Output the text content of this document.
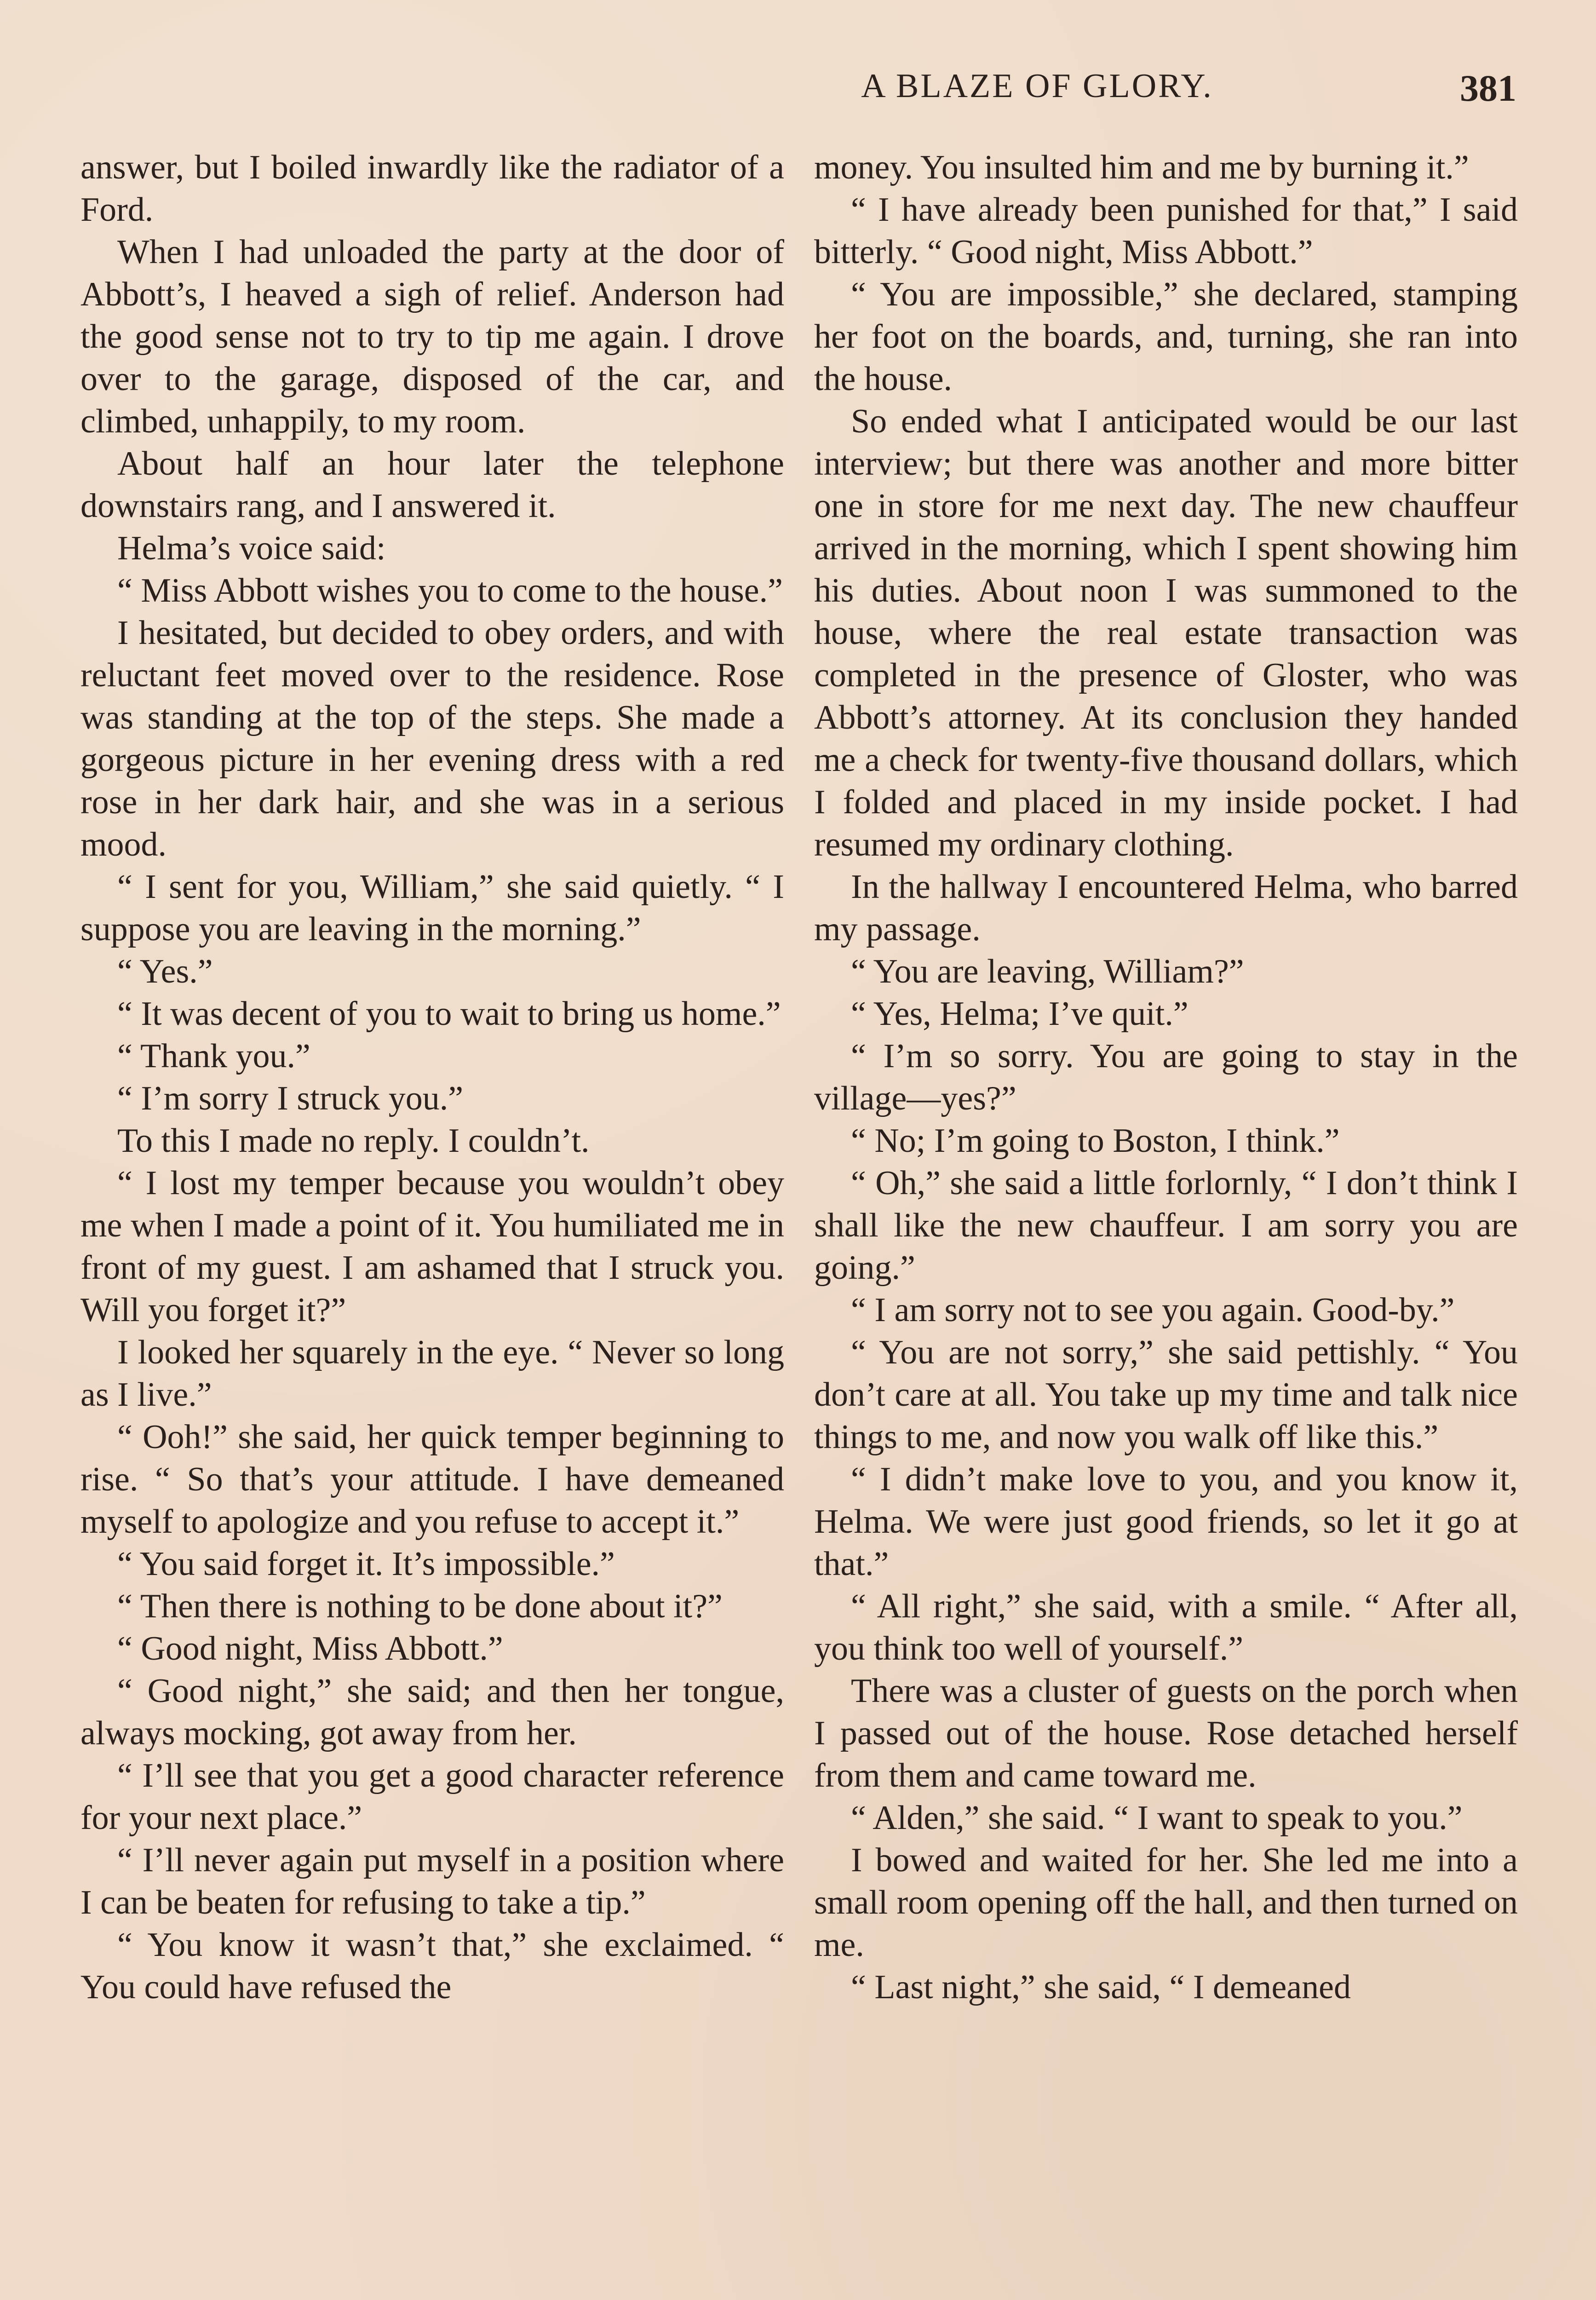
A BLAZE OF GLORY.	381

answer, but I boiled inwardly like the radiator of a Ford.

When I had unloaded the party at the door of Abbott’s, I heaved a sigh of relief. Anderson had the good sense not to try to tip me again. I drove over to the garage, disposed of the car, and climbed, unhappily, to my room.

About half an hour later the telephone downstairs rang, and I answered it.

Helma’s voice said:

“ Miss Abbott wishes you to come to the house.”

I hesitated, but decided to obey orders, and with reluctant feet moved over to the residence. Rose was standing at the top of the steps. She made a gorgeous picture in her evening dress with a red rose in her dark hair, and she was in a serious mood.

“ I sent for you, William,” she said quietly. “ I suppose you are leaving in the morning.”

“ Yes.”

“ It was decent of you to wait to bring us home.”

“ Thank you.”

“ I’m sorry I struck you.”

To this I made no reply. I couldn’t.

“ I lost my temper because you wouldn’t obey me when I made a point of it. You humiliated me in front of my guest. I am ashamed that I struck you. Will you forget it?”

I looked her squarely in the eye. “ Never so long as I live.”

“ Ooh!” she said, her quick temper beginning to rise. “ So that’s your attitude. I have demeaned myself to apologize and you refuse to accept it.”

“ You said forget it. It’s impossible.”

“ Then there is nothing to be done about it?”

“ Good night, Miss Abbott.”

“ Good night,” she said; and then her tongue, always mocking, got away from her.

“ I’ll see that you get a good character reference for your next place.”

“ I’ll never again put myself in a position where I can be beaten for refusing to take a tip.”

“ You know it wasn’t that,” she exclaimed. “ You could have refused the

money. You insulted him and me by burning it.”

“ I have already been punished for that,” I said bitterly. “ Good night, Miss Abbott.”

“ You are impossible,” she declared, stamping her foot on the boards, and, turning, she ran into the house.

So ended what I anticipated would be our last interview; but there was another and more bitter one in store for me next day. The new chauffeur arrived in the morning, which I spent showing him his duties. About noon I was summoned to the house, where the real estate transaction was completed in the presence of Gloster, who was Abbott’s attorney. At its conclusion they handed me a check for twenty-five thousand dollars, which I folded and placed in my inside pocket. I had resumed my ordinary clothing.

In the hallway I encountered Helma, who barred my passage.

“ You are leaving, William?”

“ Yes, Helma; I’ve quit.”

“ I’m so sorry. You are going to stay in the village—yes?”

“ No; I’m going to Boston, I think.”

“ Oh,” she said a little forlornly, “ I don’t think I shall like the new chauffeur. I am sorry you are going.”

“ I am sorry not to see you again. Good-by.”

“ You are not sorry,” she said pettishly. “ You don’t care at all. You take up my time and talk nice things to me, and now you walk off like this.”

“ I didn’t make love to you, and you know it, Helma. We were just good friends, so let it go at that.”

“ All right,” she said, with a smile. “ After all, you think too well of yourself.”

There was a cluster of guests on the porch when I passed out of the house. Rose detached herself from them and came toward me.

“ Alden,” she said. “ I want to speak to you.”

I bowed and waited for her. She led me into a small room opening off the hall, and then turned on me.

“ Last night,” she said, “ I demeaned
